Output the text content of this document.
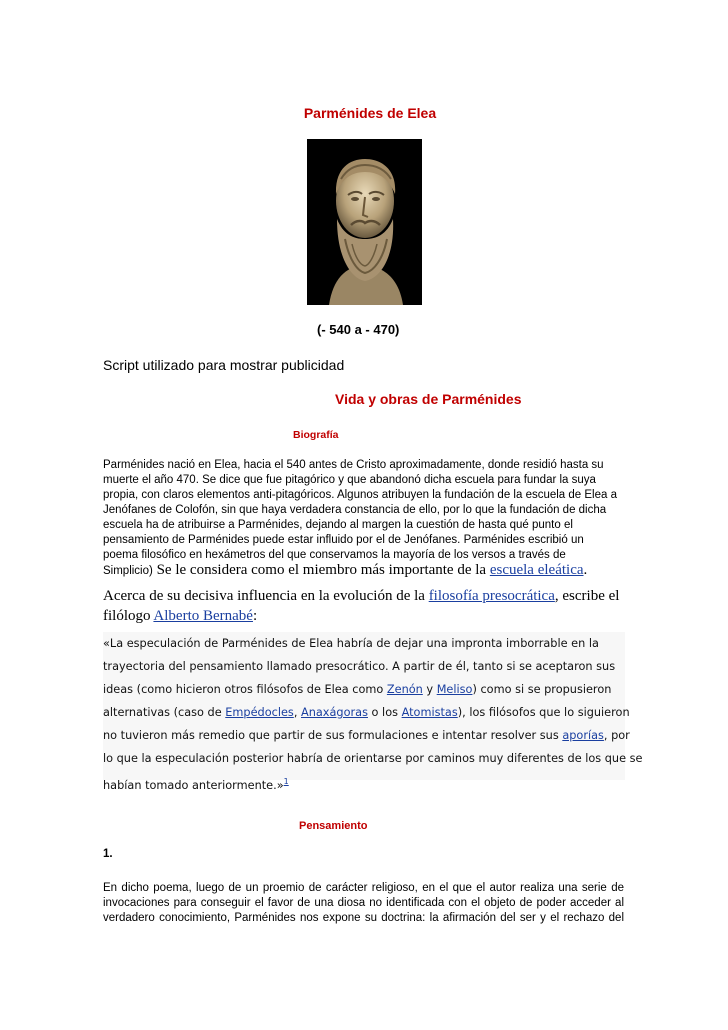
Parménides de Elea
(- 540 a - 470)
Script utilizado para mostrar publicidad
Vida y obras de Parménides
Biografía
Parménides nació en Elea, hacia el 540 antes de Cristo aproximadamente, donde residió hasta su
muerte el año 470. Se dice que fue pitagórico y que abandonó dicha escuela para fundar la suya
propia, con claros elementos anti-pitagóricos. Algunos atribuyen la fundación de la escuela de Elea a
Jenófanes de Colofón, sin que haya verdadera constancia de ello, por lo que la fundación de dicha
escuela ha de atribuirse a Parménides, dejando al margen la cuestión de hasta qué punto el
pensamiento de Parménides puede estar influido por el de Jenófanes. Parménides escribió un
poema filosófico en hexámetros del que conservamos la mayoría de los versos a través de
Simplicio) Se le considera como el miembro más importante de la escuela eleática.
Acerca de su decisiva influencia en la evolución de la filosofía presocrática, escribe el
filólogo Alberto Bernabé:
«La especulación de Parménides de Elea habría de dejar una impronta imborrable en la
trayectoria del pensamiento llamado presocrático. A partir de él, tanto si se aceptaron sus
ideas (como hicieron otros filósofos de Elea como Zenón y Meliso) como si se propusieron
alternativas (caso de Empédocles, Anaxágoras o los Atomistas), los filósofos que lo siguieron
no tuvieron más remedio que partir de sus formulaciones e intentar resolver sus aporías, por
lo que la especulación posterior habría de orientarse por caminos muy diferentes de los que se
habían tomado anteriormente.»$^1$
Pensamiento
1.
En dicho poema, luego de un proemio de carácter religioso, en el que el autor realiza una serie de
invocaciones para conseguir el favor de una diosa no identificada con el objeto de poder acceder al
verdadero conocimiento, Parménides nos expone su doctrina: la afirmación del ser y el rechazo del
